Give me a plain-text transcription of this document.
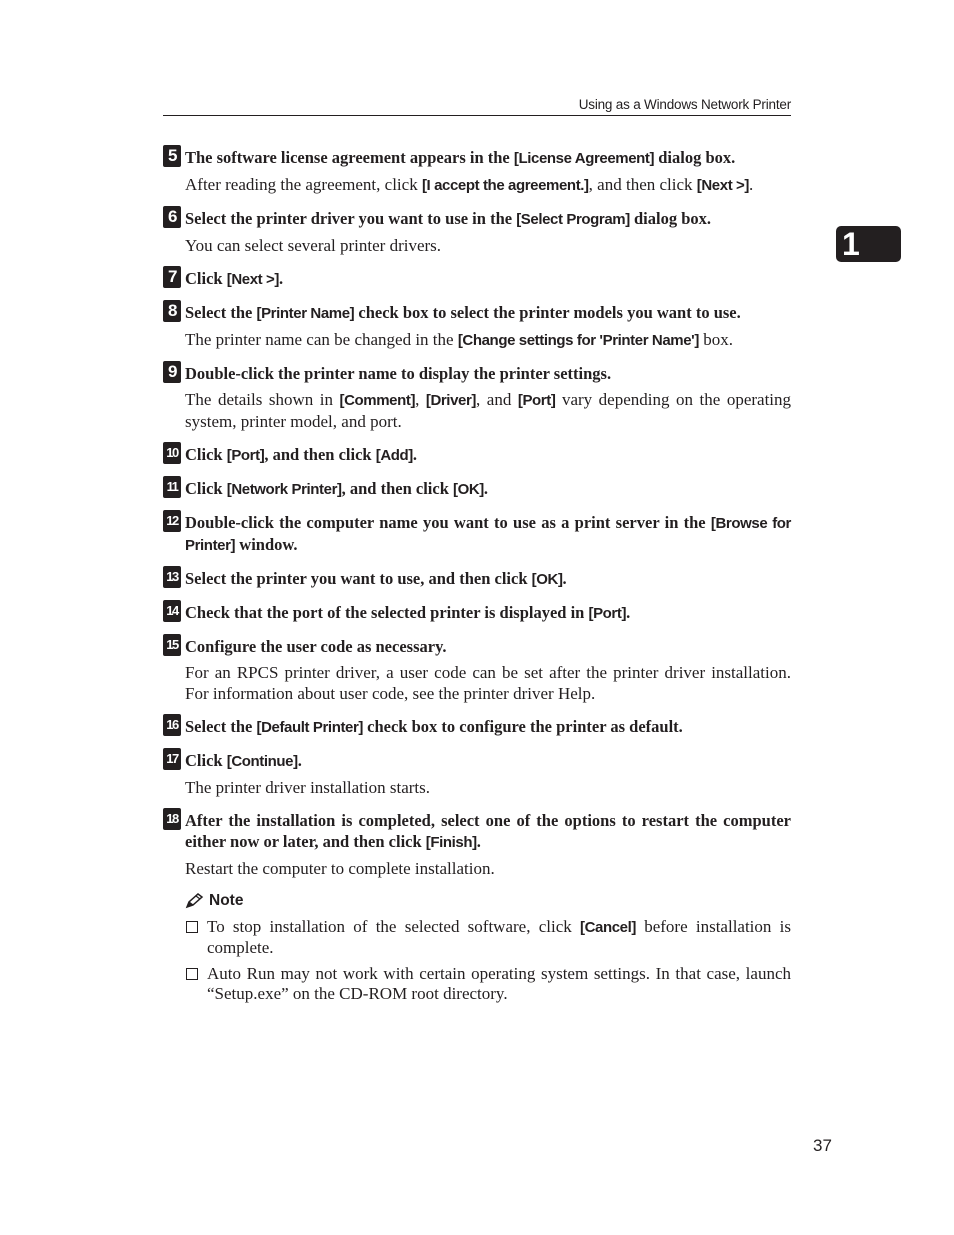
Using as a Windows Network Printer
1
5 The software license agreement appears in the [License Agreement] dialog box.
After reading the agreement, click [I accept the agreement.], and then click [Next >].
6 Select the printer driver you want to use in the [Select Program] dialog box.
You can select several printer drivers.
7 Click [Next >].
8 Select the [Printer Name] check box to select the printer models you want to use.
The printer name can be changed in the [Change settings for 'Printer Name'] box.
9 Double-click the printer name to display the printer settings.
The details shown in [Comment], [Driver], and [Port] vary depending on the operating system, printer model, and port.
10 Click [Port], and then click [Add].
11 Click [Network Printer], and then click [OK].
12 Double-click the computer name you want to use as a print server in the [Browse for Printer] window.
13 Select the printer you want to use, and then click [OK].
14 Check that the port of the selected printer is displayed in [Port].
15 Configure the user code as necessary.
For an RPCS printer driver, a user code can be set after the printer driver installation. For information about user code, see the printer driver Help.
16 Select the [Default Printer] check box to configure the printer as default.
17 Click [Continue].
The printer driver installation starts.
18 After the installation is completed, select one of the options to restart the computer either now or later, and then click [Finish].
Restart the computer to complete installation.
Note
To stop installation of the selected software, click [Cancel] before installation is complete.
Auto Run may not work with certain operating system settings. In that case, launch “Setup.exe” on the CD-ROM root directory.
37
